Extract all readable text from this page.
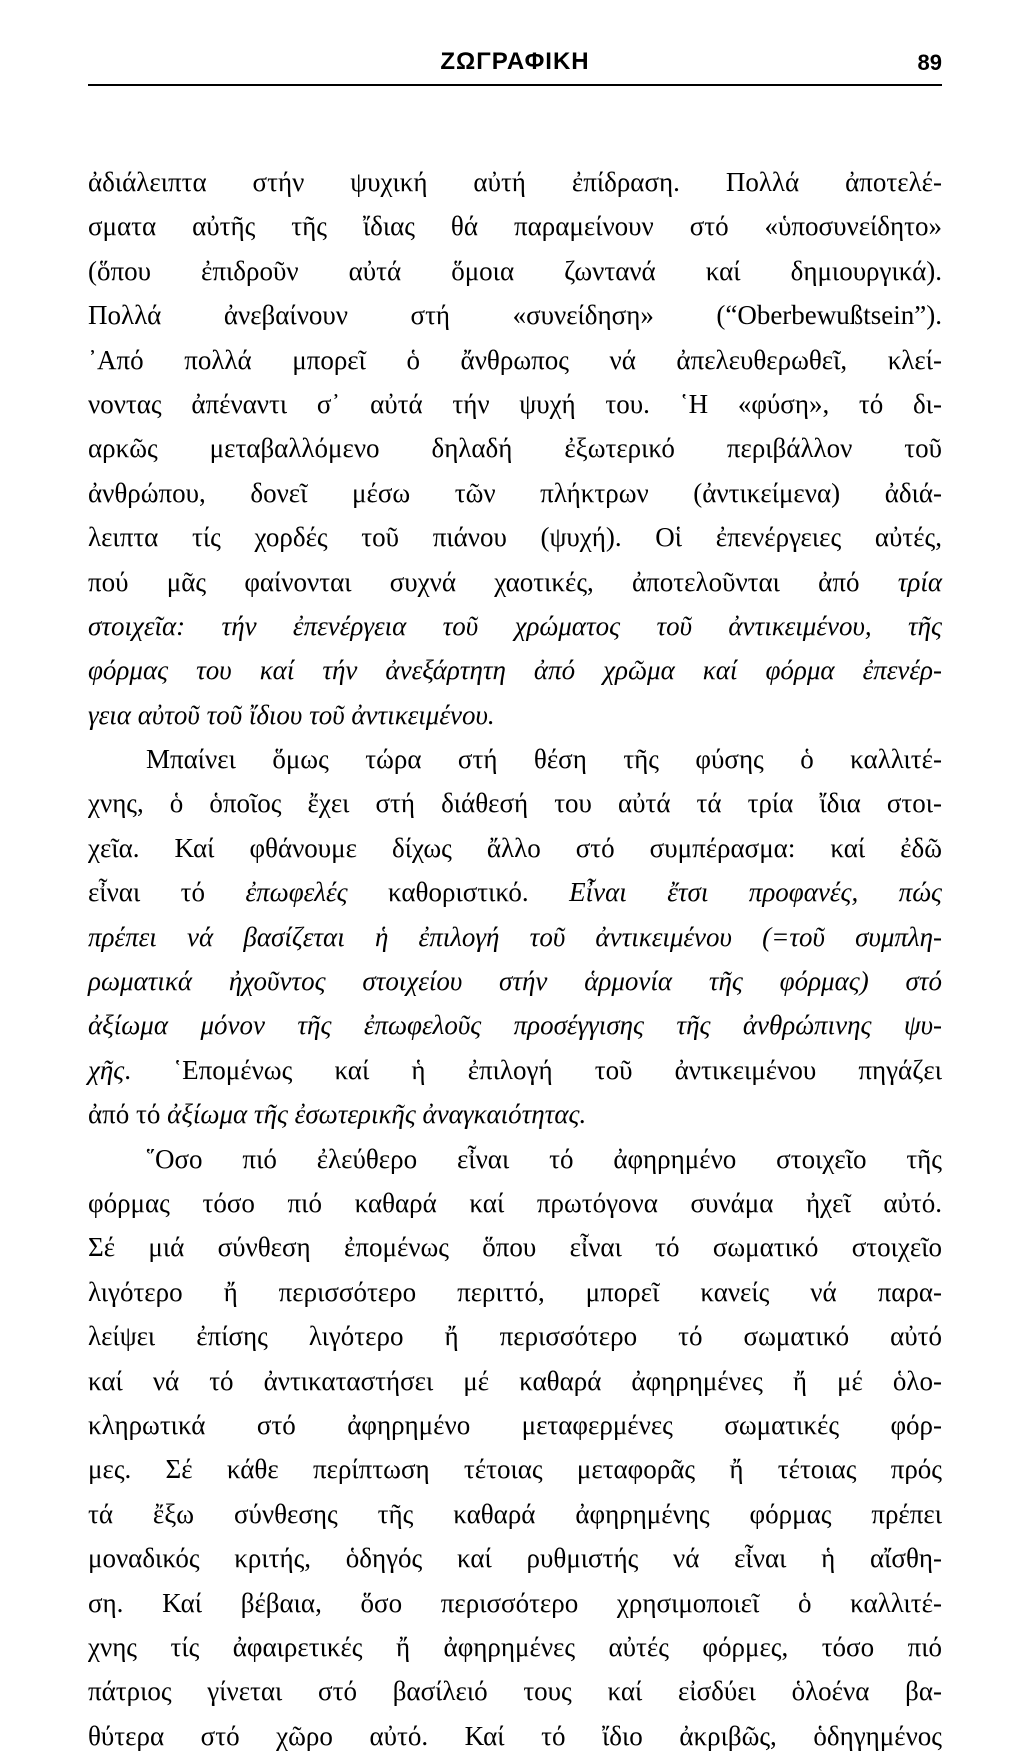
ΖΩΓΡΑΦΙΚΗ	89
ἀδιάλειπτα στήν ψυχική αὐτή ἐπίδραση. Πολλά ἀποτελέ-
σματα αὐτῆς τῆς ἴδιας θά παραμείνουν στό «ὑποσυνείδητο»
(ὅπου ἐπιδροῦν αὐτά ὅμοια ζωντανά καί δημιουργικά).
Πολλά ἀνεβαίνουν στή «συνείδηση» (“Oberbewußtsein”).
᾿Από πολλά μπορεῖ ὁ ἄνθρωπος νά ἀπελευθερωθεῖ, κλεί-
νοντας ἀπέναντι σ᾿ αὐτά τήν ψυχή του. ῾Η «φύση», τό δι-
αρκῶς μεταβαλλόμενο δηλαδή ἐξωτερικό περιβάλλον τοῦ
ἀνθρώπου, δονεῖ μέσω τῶν πλήκτρων (ἀντικείμενα) ἀδιά-
λειπτα τίς χορδές τοῦ πιάνου (ψυχή). Οἱ ἐπενέργειες αὐτές,
πού μᾶς φαίνονται συχνά χαοτικές, ἀποτελοῦνται ἀπό τρία
στοιχεῖα: τήν ἐπενέργεια τοῦ χρώματος τοῦ ἀντικειμένου, τῆς
φόρμας του καί τήν ἀνεξάρτητη ἀπό χρῶμα καί φόρμα ἐπενέρ-
γεια αὐτοῦ τοῦ ἴδιου τοῦ ἀντικειμένου.
Μπαίνει ὅμως τώρα στή θέση τῆς φύσης ὁ καλλιτέ-
χνης, ὁ ὁποῖος ἔχει στή διάθεσή του αὐτά τά τρία ἴδια στοι-
χεῖα. Καί φθάνουμε δίχως ἄλλο στό συμπέρασμα: καί ἐδῶ
εἶναι τό ἐπωφελές καθοριστικό. Εἶναι ἔτσι προφανές, πώς
πρέπει νά βασίζεται ἡ ἐπιλογή τοῦ ἀντικειμένου (=τοῦ συμπλη-
ρωματικά ἠχοῦντος στοιχείου στήν ἁρμονία τῆς φόρμας) στό
ἀξίωμα μόνον τῆς ἐπωφελοῦς προσέγγισης τῆς ἀνθρώπινης ψυ-
χῆς. ῾Επομένως καί ἡ ἐπιλογή τοῦ ἀντικειμένου πηγάζει
ἀπό τό ἀξίωμα τῆς ἐσωτερικῆς ἀναγκαιότητας.
῞Οσο πιό ἐλεύθερο εἶναι τό ἀφηρημένο στοιχεῖο τῆς
φόρμας τόσο πιό καθαρά καί πρωτόγονα συνάμα ἠχεῖ αὐτό.
Σέ μιά σύνθεση ἐπομένως ὅπου εἶναι τό σωματικό στοιχεῖο
λιγότερο ἤ περισσότερο περιττό, μπορεῖ κανείς νά παρα-
λείψει ἐπίσης λιγότερο ἤ περισσότερο τό σωματικό αὐτό
καί νά τό ἀντικαταστήσει μέ καθαρά ἀφηρημένες ἤ μέ ὁλο-
κληρωτικά στό ἀφηρημένο μεταφερμένες σωματικές φόρ-
μες. Σέ κάθε περίπτωση τέτοιας μεταφορᾶς ἤ τέτοιας πρός
τά ἔξω σύνθεσης τῆς καθαρά ἀφηρημένης φόρμας πρέπει
μοναδικός κριτής, ὁδηγός καί ρυθμιστής νά εἶναι ἡ αἴσθη-
ση. Καί βέβαια, ὅσο περισσότερο χρησιμοποιεῖ ὁ καλλιτέ-
χνης τίς ἀφαιρετικές ἤ ἀφηρημένες αὐτές φόρμες, τόσο πιό
πάτριος γίνεται στό βασίλειό τους καί εἰσδύει ὁλοένα βα-
θύτερα στό χῶρο αὐτό. Καί τό ἴδιο ἀκριβῶς, ὁδηγημένος
